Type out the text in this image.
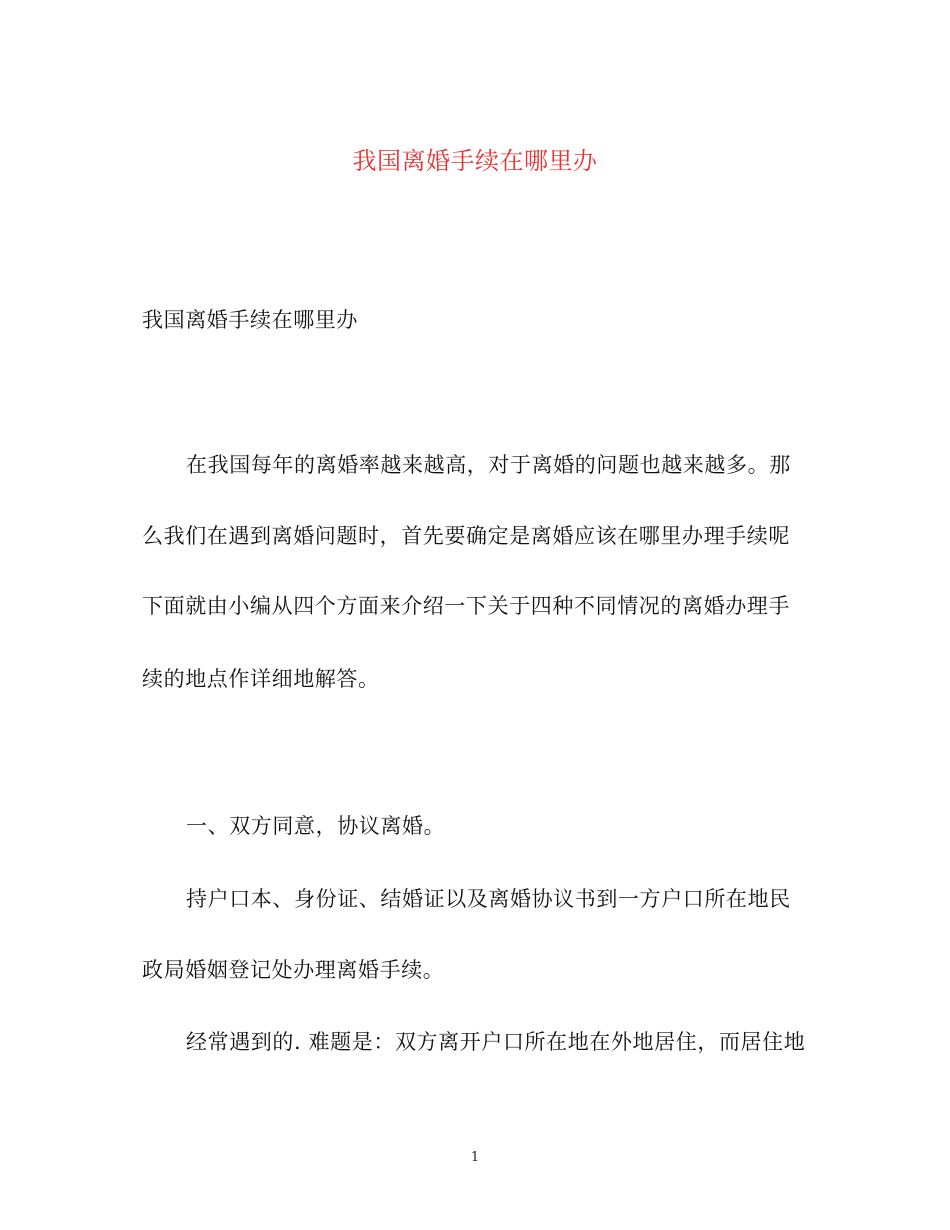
我国离婚手续在哪里办
我国离婚手续在哪里办
在我国每年的离婚率越来越高，对于离婚的问题也越来越多。那
么我们在遇到离婚问题时，首先要确定是离婚应该在哪里办理手续呢
下面就由小编从四个方面来介绍一下关于四种不同情况的离婚办理手
续的地点作详细地解答。
一、双方同意，协议离婚。
持户口本、身份证、结婚证以及离婚协议书到一方户口所在地民
政局婚姻登记处办理离婚手续。
经常遇到的. 难题是：双方离开户口所在地在外地居住，而居住地
1
